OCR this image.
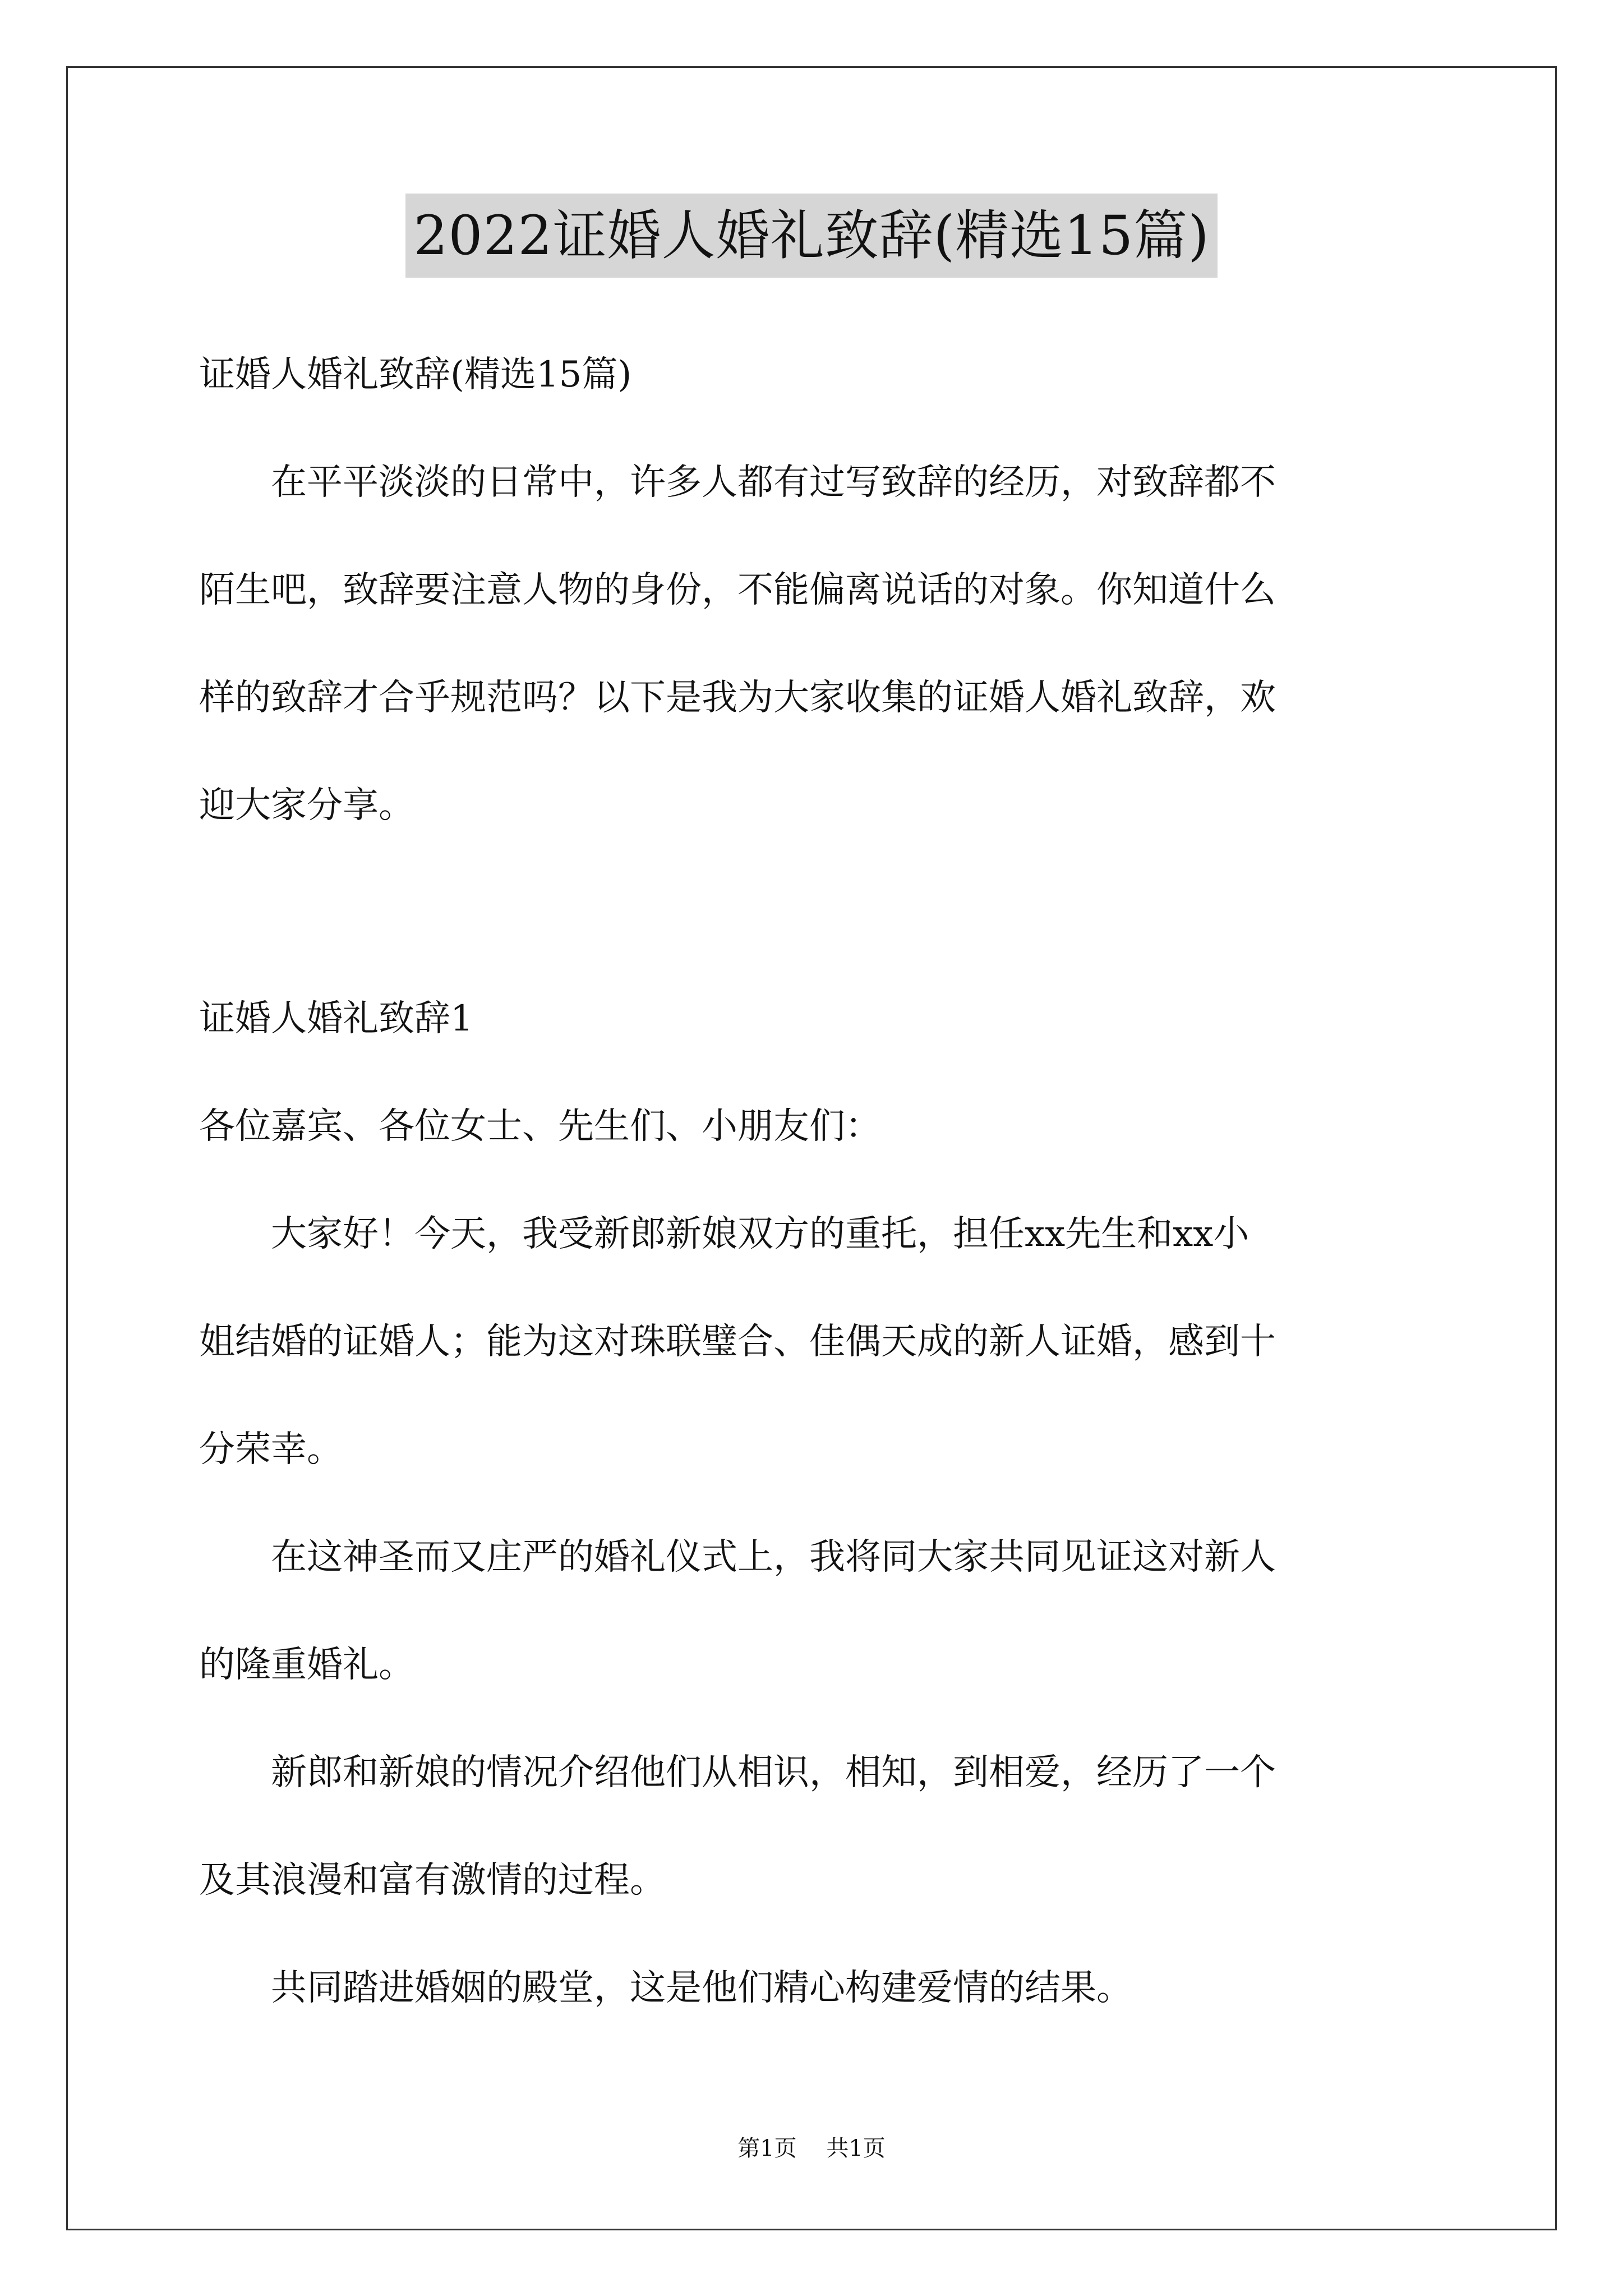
2022证婚人婚礼致辞(精选15篇)

证婚人婚礼致辞(精选15篇)

　　在平平淡淡的日常中，许多人都有过写致辞的经历，对致辞都不

陌生吧，致辞要注意人物的身份，不能偏离说话的对象。你知道什么

样的致辞才合乎规范吗？以下是我为大家收集的证婚人婚礼致辞，欢

迎大家分享。

证婚人婚礼致辞1

各位嘉宾、各位女士、先生们、小朋友们：

　　大家好！今天，我受新郎新娘双方的重托，担任xx先生和xx小

姐结婚的证婚人；能为这对珠联璧合、佳偶天成的新人证婚，感到十

分荣幸。

　　在这神圣而又庄严的婚礼仪式上，我将同大家共同见证这对新人

的隆重婚礼。

　　新郎和新娘的情况介绍他们从相识，相知，到相爱，经历了一个

及其浪漫和富有激情的过程。

　　共同踏进婚姻的殿堂，这是他们精心构建爱情的结果。

第1页 共1页
